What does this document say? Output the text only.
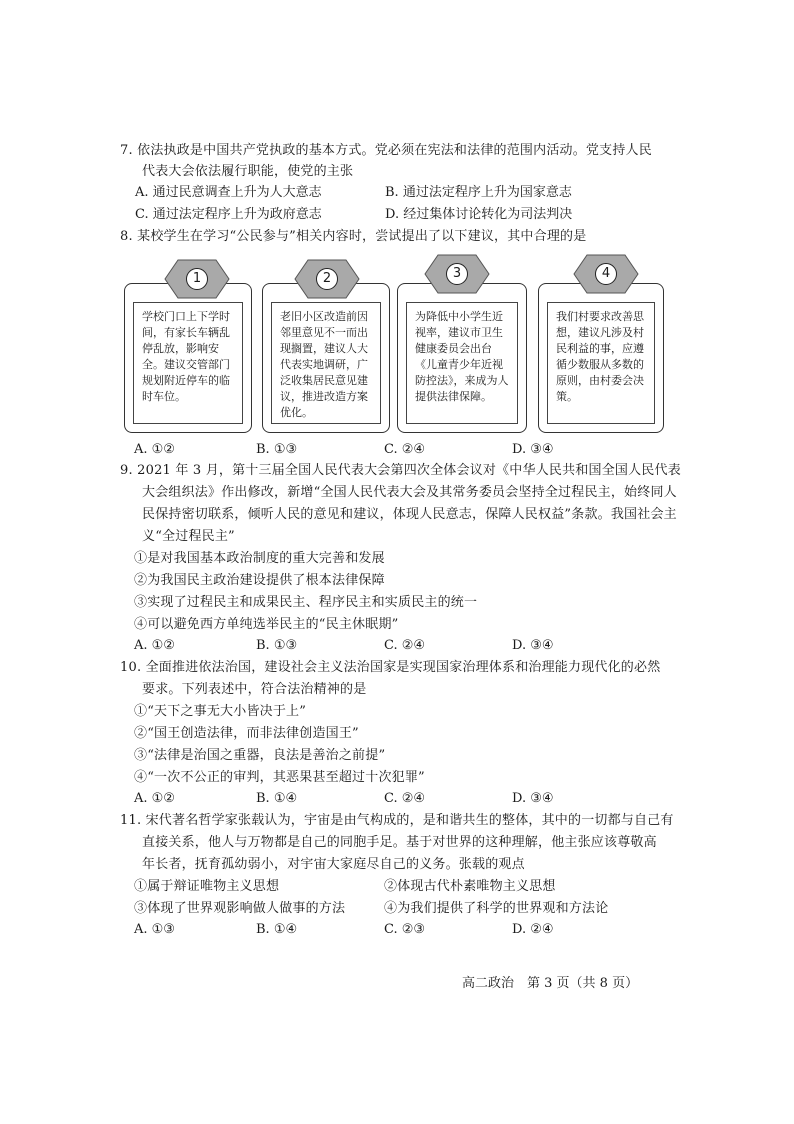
7. 依法执政是中国共产党执政的基本方式。党必须在宪法和法律的范围内活动。党支持人民
代表大会依法履行职能，使党的主张
A. 通过民意调查上升为人大意志	B. 通过法定程序上升为国家意志
C. 通过法定程序上升为政府意志	D. 经过集体讨论转化为司法判决
8. 某校学生在学习“公民参与”相关内容时，尝试提出了以下建议，其中合理的是
学校门口上下学时间，有家长车辆乱停乱放，影响安全。建议交管部门规划附近停车的临时车位。
1
老旧小区改造前因邻里意见不一而出现搁置，建议人大代表实地调研，广泛收集居民意见建议，推进改造方案优化。
2
为降低中小学生近视率，建议市卫生健康委员会出台《儿童青少年近视防控法》，来成为人提供法律保障。
3
我们村要求改善思想，建议凡涉及村民利益的事，应遵循少数服从多数的原则，由村委会决策。
4
A. ①②	B. ①③	C. ②④	D. ③④
9. 2021 年 3 月，第十三届全国人民代表大会第四次全体会议对《中华人民共和国全国人民代表
大会组织法》作出修改，新增“全国人民代表大会及其常务委员会坚持全过程民主，始终同人
民保持密切联系，倾听人民的意见和建议，体现人民意志，保障人民权益”条款。我国社会主
义“全过程民主”
①是对我国基本政治制度的重大完善和发展
②为我国民主政治建设提供了根本法律保障
③实现了过程民主和成果民主、程序民主和实质民主的统一
④可以避免西方单纯选举民主的“民主休眠期”
A. ①②	B. ①③	C. ②④	D. ③④
10. 全面推进依法治国，建设社会主义法治国家是实现国家治理体系和治理能力现代化的必然
要求。下列表述中，符合法治精神的是
①“天下之事无大小皆决于上”
②“国王创造法律，而非法律创造国王”
③“法律是治国之重器，良法是善治之前提”
④“一次不公正的审判，其恶果甚至超过十次犯罪”
A. ①②	B. ①④	C. ②④	D. ③④
11. 宋代著名哲学家张载认为，宇宙是由气构成的，是和谐共生的整体，其中的一切都与自己有
直接关系，他人与万物都是自己的同胞手足。基于对世界的这种理解，他主张应该尊敬高
年长者，抚育孤幼弱小，对宇宙大家庭尽自己的义务。张载的观点
①属于辩证唯物主义思想	②体现古代朴素唯物主义思想
③体现了世界观影响做人做事的方法	④为我们提供了科学的世界观和方法论
A. ①③	B. ①④	C. ②③	D. ②④
高二政治　第 3 页（共 8 页）
